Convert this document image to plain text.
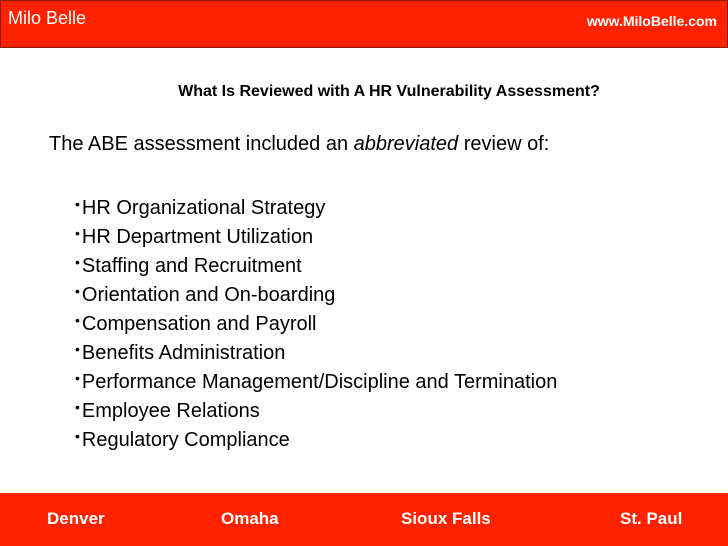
Milo Belle	www.MiloBelle.com
What Is Reviewed with A HR Vulnerability Assessment?
The ABE assessment included an abbreviated review of:
• HR Organizational Strategy
• HR Department Utilization
• Staffing and Recruitment
• Orientation and On-boarding
• Compensation and Payroll
• Benefits Administration
• Performance Management/Discipline and Termination
• Employee Relations
• Regulatory Compliance
Denver	Omaha	Sioux Falls	St. Paul
